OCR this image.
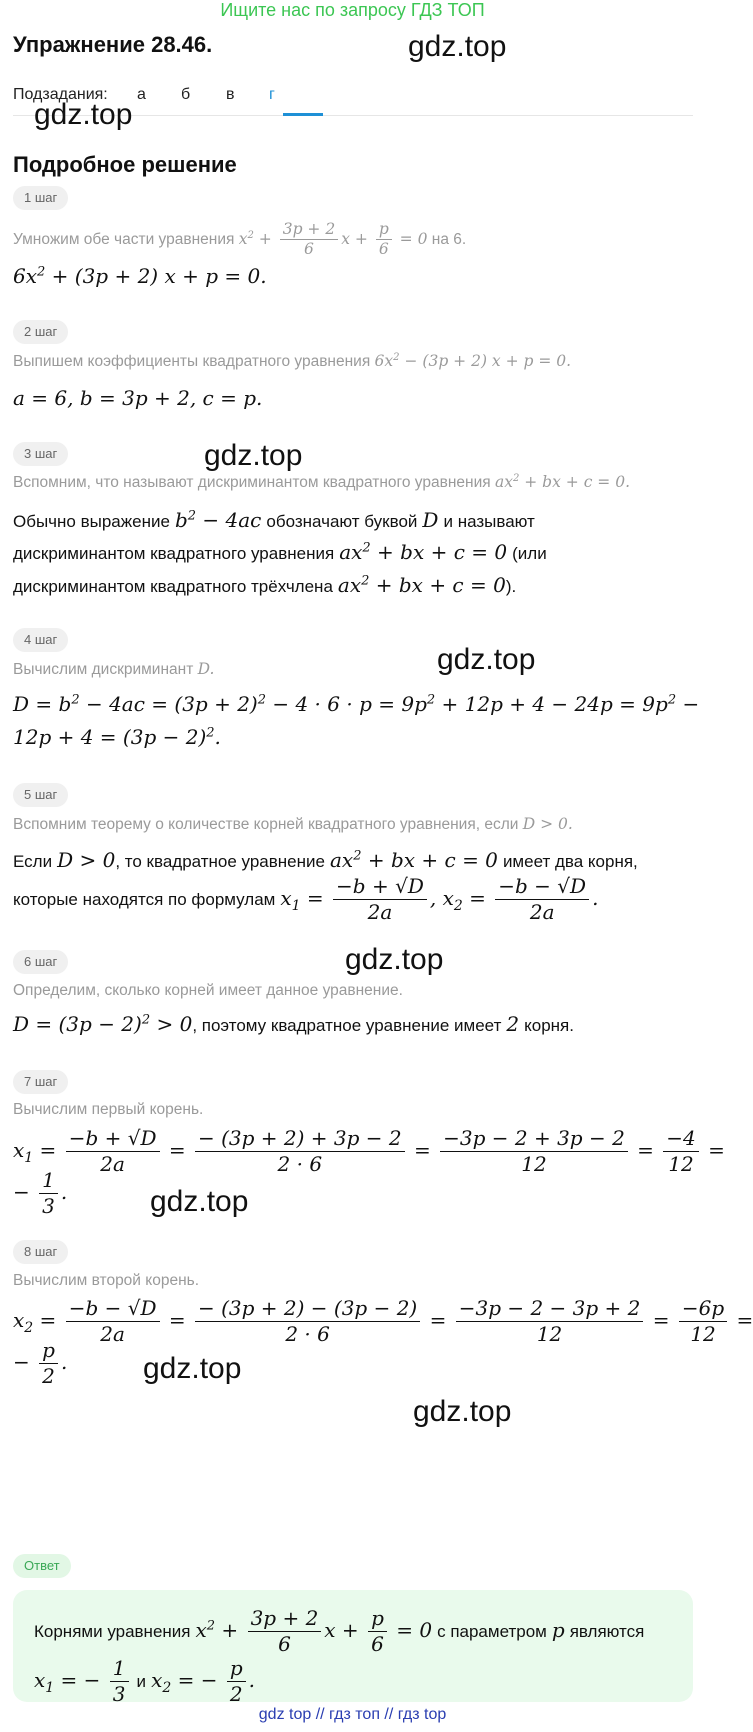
Ищите нас по запросу ГДЗ ТОП
Упражнение 28.46.	gdz.top
Подзадания: а б в г
gdz.top
Подробное решение
1 шаг
Умножим обе части уравнения $x^2 + \frac{3p + 2}{6}$ $x + \frac{p}{6} = 0$ на 6.
$6x^2 + (3p + 2) x + p = 0$.
2 шаг
Выпишем коэффициенты квадратного уравнения $6x^2 - (3p + 2) x + p = 0$.
a = 6, b = 3p + 2, c = p.
3 шаг	gdz.top
Вспомним, что называют дискриминантом квадратного уравнения $ax^2$ + bx + c = 0.
Обычно выражение $b^2 - 4ac$ обозначают буквой D и называют
дискриминантом квадратного уравнения $ax^2$ + bx + c = 0 (или
дискриминантом квадратного трёхчлена $ax^2$ + bx + c = 0).
4 шаг
gdz.top
Вычислим дискриминант D.
$D = b^2 - 4ac = (3p + 2)^2 - 4 \cdot 6 \cdot p = 9p^2 + 12p + 4 - 24p = 9p^2$ −
$12p + 4 = (3p - 2)^2$.
5 шаг
Вспомним теорему о количестве корней квадратного уравнения, если D > 0.
Если D > 0, то квадратное уравнение $ax^2$ + bx + c = 0 имеет два корня,
которые находятся по формулам $x_1 = \frac{-b + √D}{2a}$ , $x_2 = \frac{-b - √D}{2a}$ .
6 шаг	gdz.top
Определим, сколько корней имеет данное уравнение.
$D = (3p - 2)^2 > 0$, поэтому квадратное уравнение имеет 2 корня.
7 шаг
Вычислим первый корень.
$x_1 = \frac{-b + √D}{2a} = \frac{- (3p + 2) + 3p - 2}{2 \cdot 6} = \frac{-3p - 2 + 3p - 2}{12} = \frac{-4}{12}$ =
− $\frac{1}{3}$ .	gdz.top
8 шаг
Вычислим второй корень.
$x_2 = \frac{-b - √D}{2a} = \frac{- (3p + 2) - (3p - 2)}{2 \cdot 6} = \frac{-3p - 2 - 3p + 2}{12} = \frac{-6p}{12}$ =
− $\frac{p}{2}$ .	gdz.top
Ответ
gdz.top
Корнями уравнения $x^2 + \frac{3p + 2}{6}$ $x + \frac{p}{6} = 0$ с параметром p являются
$x_1$ = − $\frac{1}{3}$ и $x_2$ = − $\frac{p}{2}$ .
gdz top // гдз топ // гдз top
